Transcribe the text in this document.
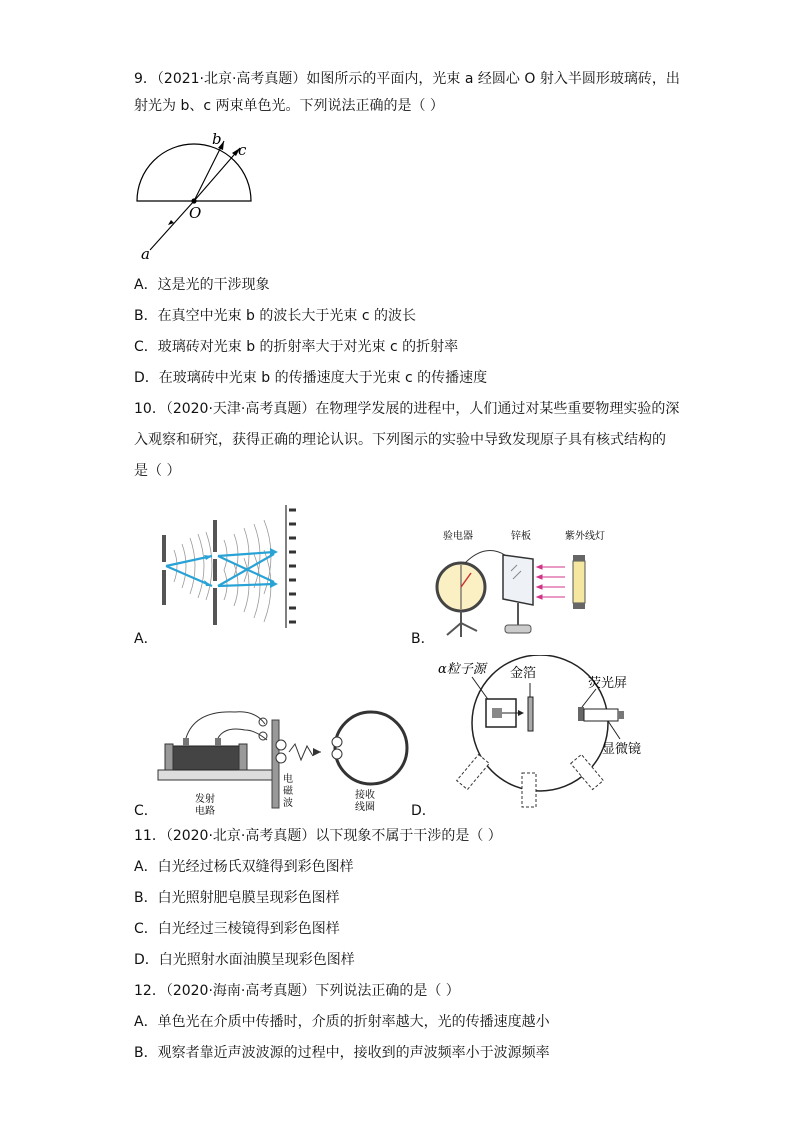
9．（2021·北京·高考真题）如图所示的平面内，光束 a 经圆心 O 射入半圆形玻璃砖，出
射光为 b、c 两束单色光。下列说法正确的是（ ）
b
c
O
a
A．这是光的干涉现象
B．在真空中光束 b 的波长大于光束 c 的波长
C．玻璃砖对光束 b 的折射率大于对光束 c 的折射率
D．在玻璃砖中光束 b 的传播速度大于光束 c 的传播速度
10．（2020·天津·高考真题）在物理学发展的进程中，人们通过对某些重要物理实验的深
入观察和研究，获得正确的理论认识。下列图示的实验中导致发现原子具有核式结构的
是（ ）
A．
验电器	锌板	紫外线灯
B．
发射
电路
电
磁
波
接收
线圈
C．
α粒子源 金箔
荧光屏
显微镜
D．
11．（2020·北京·高考真题）以下现象不属于干涉的是（ ）
A．白光经过杨氏双缝得到彩色图样
B．白光照射肥皂膜呈现彩色图样
C．白光经过三棱镜得到彩色图样
D．白光照射水面油膜呈现彩色图样
12．（2020·海南·高考真题）下列说法正确的是（ ）
A．单色光在介质中传播时，介质的折射率越大，光的传播速度越小
B．观察者靠近声波波源的过程中，接收到的声波频率小于波源频率
